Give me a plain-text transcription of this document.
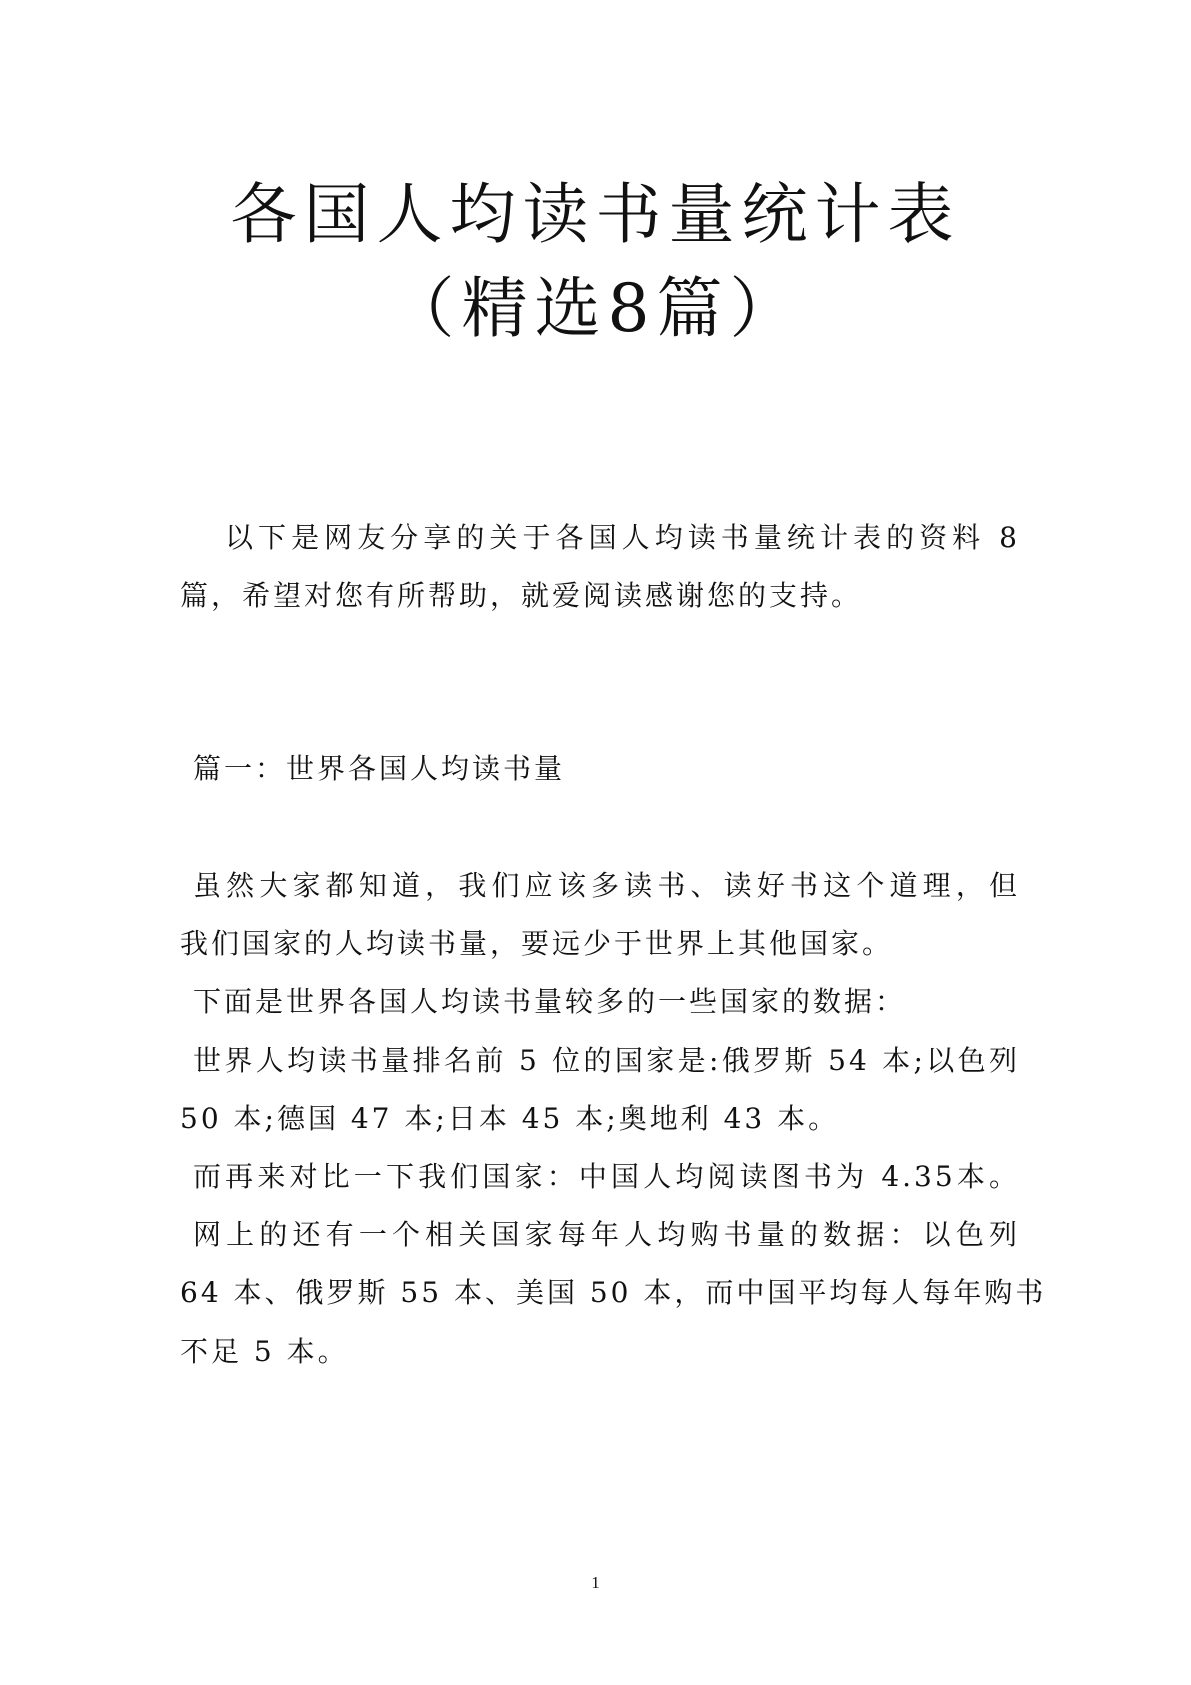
各国人均读书量统计表
（精选8篇）
以下是网友分享的关于各国人均读书量统计表的资料 8
篇，希望对您有所帮助，就爱阅读感谢您的支持。
篇一：世界各国人均读书量
虽然大家都知道，我们应该多读书、读好书这个道理，但
我们国家的人均读书量，要远少于世界上其他国家。
下面是世界各国人均读书量较多的一些国家的数据：
世界人均读书量排名前 5 位的国家是:俄罗斯 54 本;以色列
50 本;德国 47 本;日本 45 本;奥地利 43 本。
而再来对比一下我们国家：中国人均阅读图书为 4.35本。
网上的还有一个相关国家每年人均购书量的数据：以色列
64 本、俄罗斯 55 本、美国 50 本，而中国平均每人每年购书
不足 5 本。
1
